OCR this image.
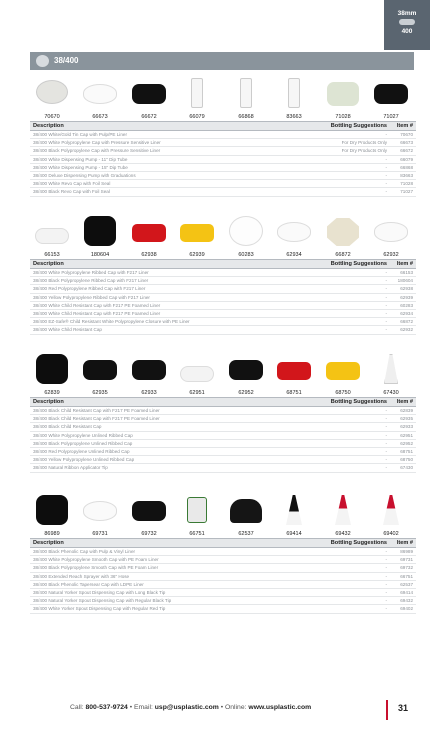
38mm
400
38/400
70670	66673	66672	66079	66868	83663	71028	71027
Description	Bottling Suggestions	Item #
38/400 White/Gold Tin Cap with Pulp/PE Liner	-	70670
38/400 White Polypropylene Cap with Pressure Sensitive Liner	For Dry Products Only	66673
38/400 Black Polypropylene Cap with Pressure Sensitive Liner	For Dry Products Only	66672
38/400 White Dispensing Pump - 11" Dip Tube	-	66079
38/400 White Dispensing Pump - 15" Dip Tube	-	66868
38/400 Deluxe Dispensing Pump with Graduations	-	83663
38/400 White Revo Cap with Foil Seal	-	71028
38/400 Black Revo Cap with Foil Seal	-	71027
66153	180604	62938	62939	60283	62934	66872	62932
Description	Bottling Suggestions	Item #
38/400 White Polypropylene Ribbed Cap with F217 Liner	-	66153
38/400 Black Polypropylene Ribbed Cap with F217 Liner	-	180604
38/400 Red Polypropylene Ribbed Cap with F217 Liner	-	62938
38/400 Yellow Polypropylene Ribbed Cap with F217 Liner	-	62939
38/400 White Child Resistant Cap with F217 PE Foamed Liner	-	60283
38/400 White Child Resistant Cap with F217 PE Foamed Liner	-	62934
38/400 EZ-Safe® Child Resistant White Polypropylene Closure with PE Liner	-	66872
38/400 White Child Resistant Cap	-	62932
62839	62935	62933	62951	62952	68751	68750	67430
Description	Bottling Suggestions	Item #
38/400 Black Child Resistant Cap with F217 PE Foamed Liner	-	62839
38/400 Black Child Resistant Cap with F217 PE Foamed Liner	-	62935
38/400 Black Child Resistant Cap	-	62933
38/400 White Polypropylene Unlined Ribbed Cap	-	62951
38/400 Black Polypropylene Unlined Ribbed Cap	-	62952
38/400 Red Polypropylene Unlined Ribbed Cap	-	68751
38/400 Yellow Polypropylene Unlined Ribbed Cap	-	68750
38/400 Natural Ribbon Applicator Tip	-	67430
86989	69731	69732	66751	62537	69414	69432	69402
Description	Bottling Suggestions	Item #
38/400 Black Phenolic Cap with Pulp & Vinyl Liner	-	86989
38/400 White Polypropylene Smooth Cap with PE Foam Liner	-	69731
38/400 Black Polypropylene Smooth Cap with PE Foam Liner	-	69732
38/400 Extended Reach Sprayer with 36" Hose	-	66751
38/400 Black Phenolic Tapersea! Cap with LDPE Liner	-	62537
38/400 Natural Yorker Spout Dispensing Cap with Long Black Tip	-	69414
38/400 Natural Yorker Spout Dispensing Cap with Regular Black Tip	-	69432
38/400 White Yorker Spout Dispensing Cap with Regular Red Tip	-	69402
Call: 800-537-9724 • Email: usp@usplastic.com • Online: www.usplastic.com	31
